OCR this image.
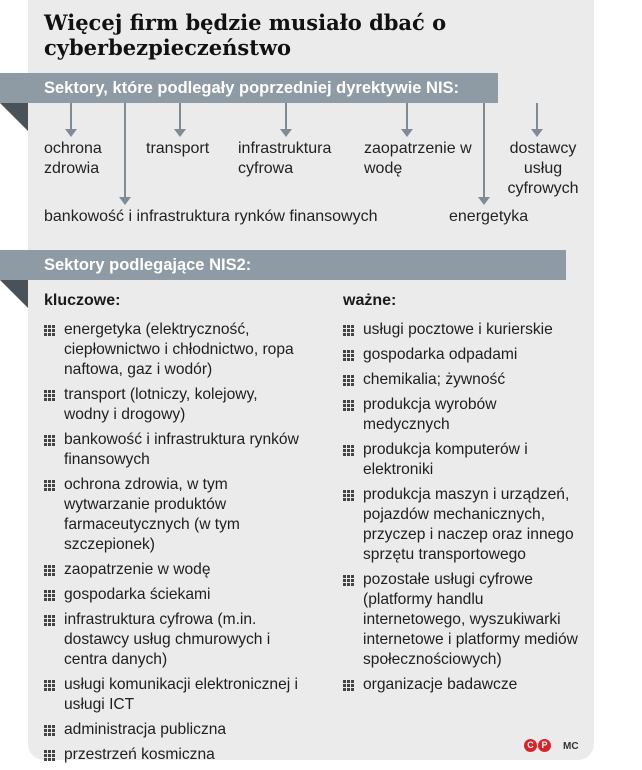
Więcej firm będzie musiało dbać o cyberbezpieczeństwo
Sektory, które podlegały poprzedniej dyrektywie NIS:
ochrona zdrowia
transport infrastruktura cyfrowa
zaopatrzenie w wodę
dostawcy usług cyfrowych
bankowość i infrastruktura rynków finansowych	energetyka
Sektory podlegające NIS2:
kluczowe:
energetyka (elektryczność, ciepłownictwo i chłodnictwo, ropa naftowa, gaz i wodór)
transport (lotniczy, kolejowy, wodny i drogowy)
bankowość i infrastruktura rynków finansowych
ochrona zdrowia, w tym wytwarzanie produktów farmaceutycznych (w tym szczepionek)
zaopatrzenie w wodę
gospodarka ściekami
infrastruktura cyfrowa (m.in. dostawcy usług chmurowych i centra danych)
usługi komunikacji elektronicznej i usługi ICT
administracja publiczna
przestrzeń kosmiczna
ważne:
usługi pocztowe i kurierskie
gospodarka odpadami
chemikalia; żywność
produkcja wyrobów medycznych
produkcja komputerów i elektroniki
produkcja maszyn i urządzeń, pojazdów mechanicznych, przyczep i naczep oraz innego sprzętu transportowego
pozostałe usługi cyfrowe (platformy handlu internetowego, wyszukiwarki internetowe i platformy mediów społecznościowych)
organizacje badawcze
C P	MC
